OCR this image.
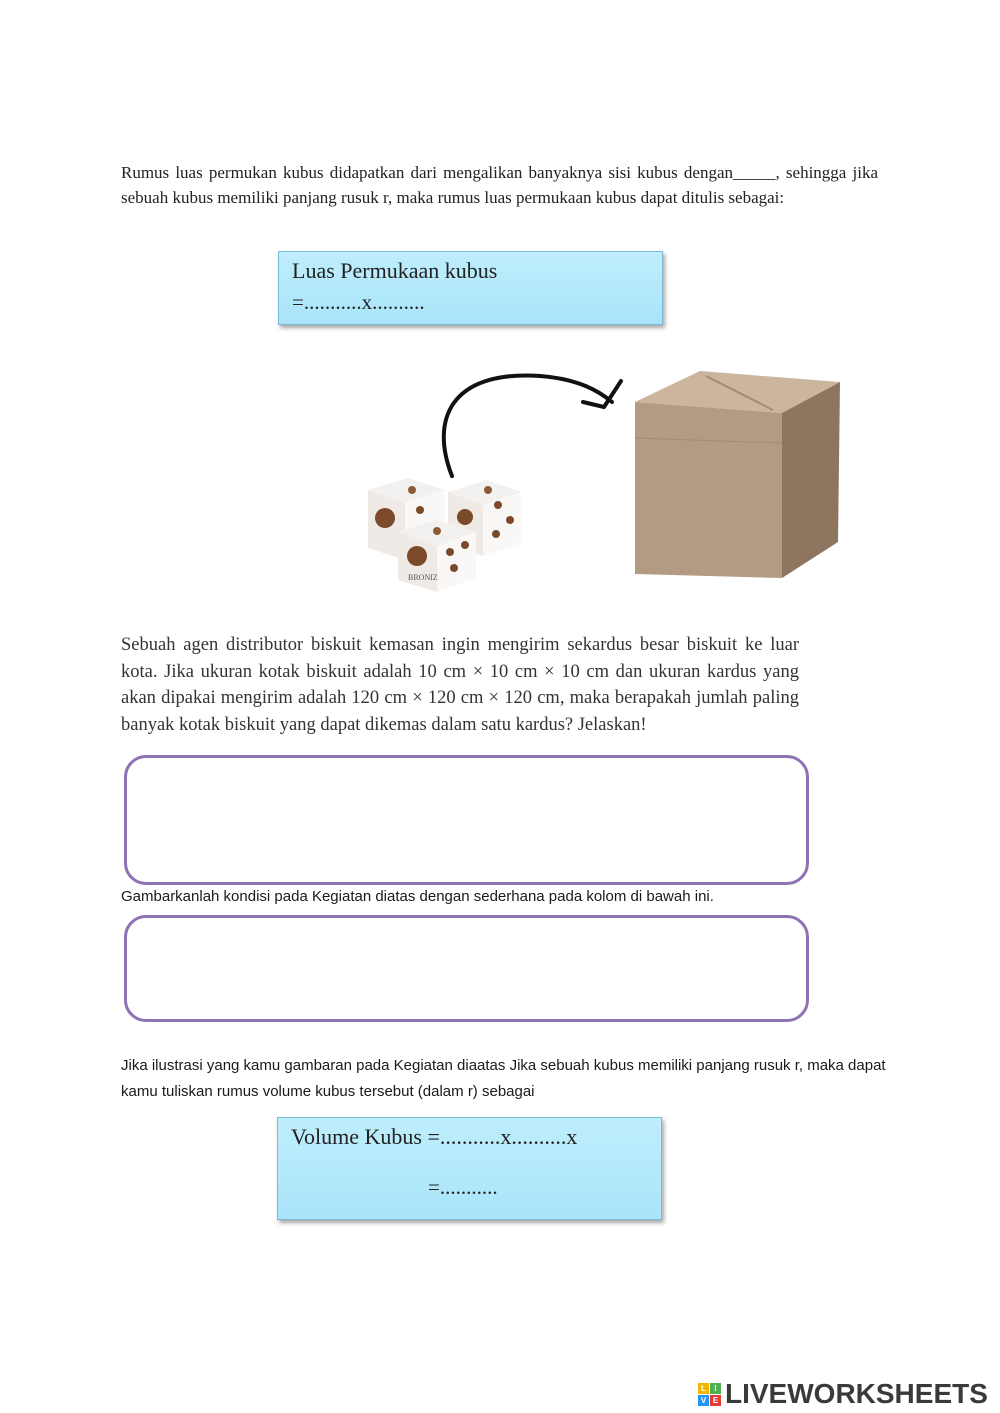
Rumus luas permukan kubus didapatkan dari mengalikan banyaknya sisi kubus dengan_____, sehingga jika sebuah kubus memiliki panjang rusuk r, maka rumus luas permukaan kubus dapat ditulis sebagai:
Luas Permukaan kubus
=...........x..........
BRONIZ
Sebuah agen distributor biskuit kemasan ingin mengirim sekardus besar biskuit ke luar kota. Jika ukuran kotak biskuit adalah 10 cm × 10 cm × 10 cm dan ukuran kardus yang akan dipakai mengirim adalah 120 cm × 120 cm × 120 cm, maka berapakah jumlah paling banyak kotak biskuit yang dapat dikemas dalam satu kardus? Jelaskan!
Gambarkanlah kondisi pada Kegiatan diatas dengan sederhana pada kolom di bawah ini.
Jika ilustrasi yang kamu gambaran pada Kegiatan diaatas Jika sebuah kubus memiliki panjang rusuk r, maka dapat kamu tuliskan rumus volume kubus tersebut (dalam r) sebagai
Volume Kubus =...........x..........x
=...........
L	I
V E LIVEWORKSHEETS
